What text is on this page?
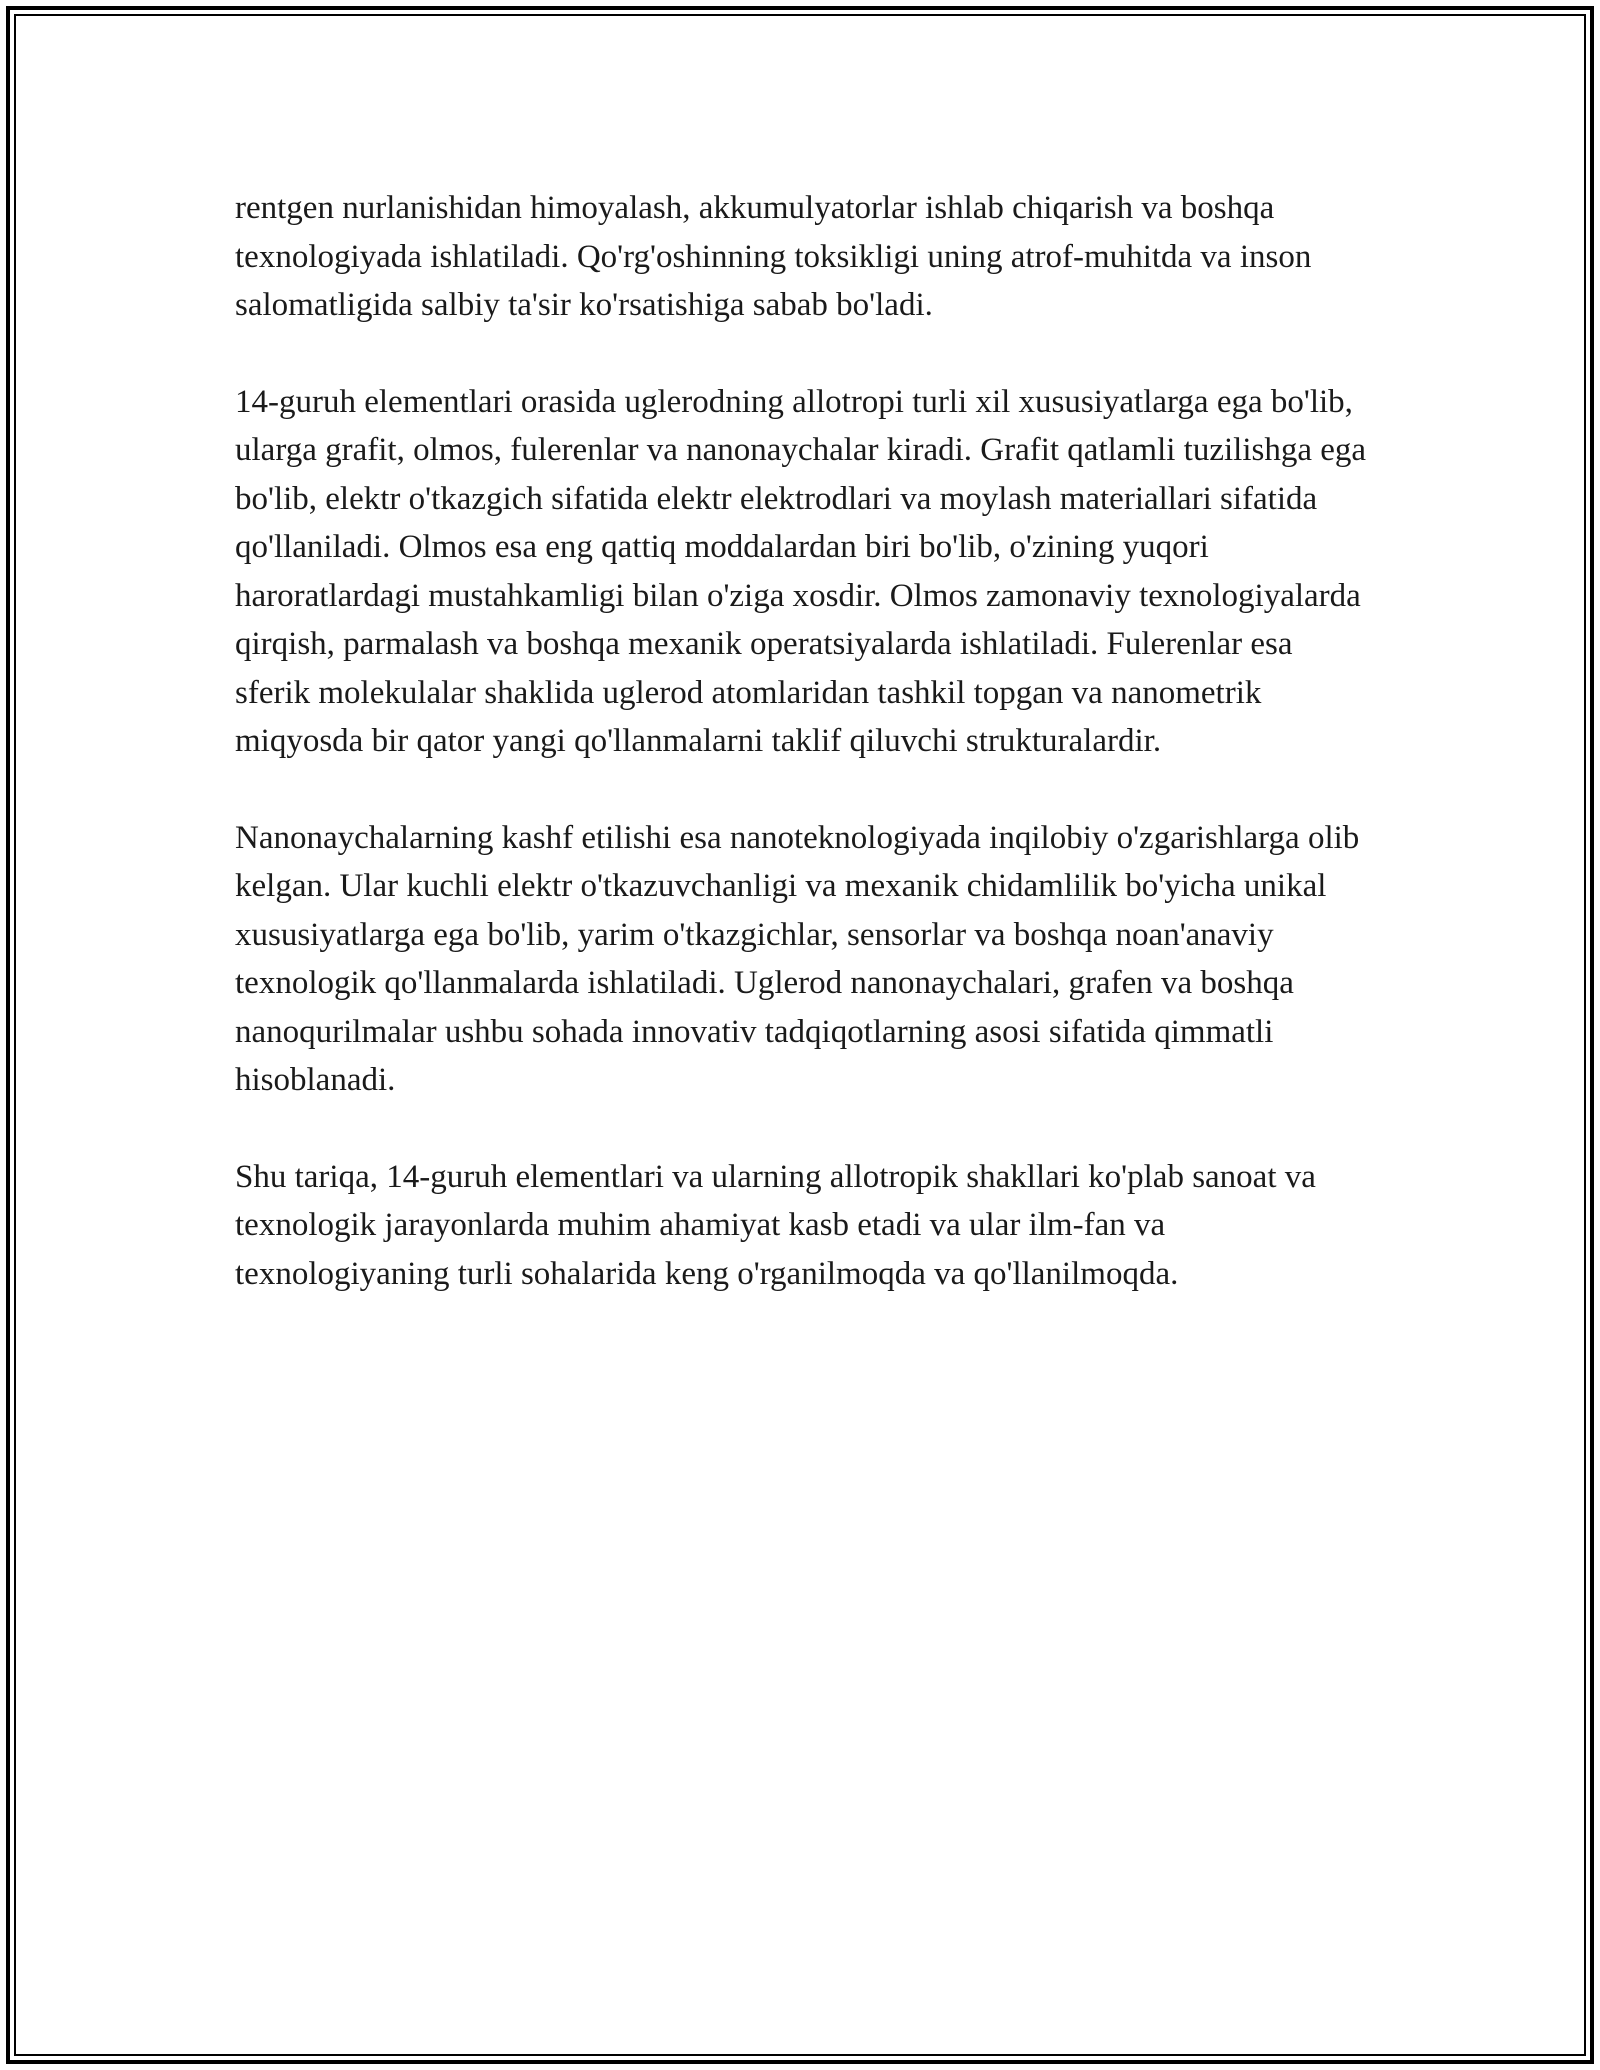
rentgen nurlanishidan himoyalash, akkumulyatorlar ishlab chiqarish va boshqa texnologiyada ishlatiladi. Qo'rg'oshinning toksikligi uning atrof-muhitda va inson salomatligida salbiy ta'sir ko'rsatishiga sabab bo'ladi.

14-guruh elementlari orasida uglerodning allotropi turli xil xususiyatlarga ega bo'lib, ularga grafit, olmos, fulerenlar va nanonaychalar kiradi. Grafit qatlamli tuzilishga ega bo'lib, elektr o'tkazgich sifatida elektr elektrodlari va moylash materiallari sifatida qo'llaniladi. Olmos esa eng qattiq moddalardan biri bo'lib, o'zining yuqori haroratlardagi mustahkamligi bilan o'ziga xosdir. Olmos zamonaviy texnologiyalarda qirqish, parmalash va boshqa mexanik operatsiyalarda ishlatiladi. Fulerenlar esa sferik molekulalar shaklida uglerod atomlaridan tashkil topgan va nanometrik miqyosda bir qator yangi qo'llanmalarni taklif qiluvchi strukturalardir.

Nanonaychalarning kashf etilishi esa nanoteknologiyada inqilobiy o'zgarishlarga olib kelgan. Ular kuchli elektr o'tkazuvchanligi va mexanik chidamlilik bo'yicha unikal xususiyatlarga ega bo'lib, yarim o'tkazgichlar, sensorlar va boshqa noan'anaviy texnologik qo'llanmalarda ishlatiladi. Uglerod nanonaychalari, grafen va boshqa nanoqurilmalar ushbu sohada innovativ tadqiqotlarning asosi sifatida qimmatli hisoblanadi.

Shu tariqa, 14-guruh elementlari va ularning allotropik shakllari ko'plab sanoat va texnologik jarayonlarda muhim ahamiyat kasb etadi va ular ilm-fan va texnologiyaning turli sohalarida keng o'rganilmoqda va qo'llanilmoqda.
